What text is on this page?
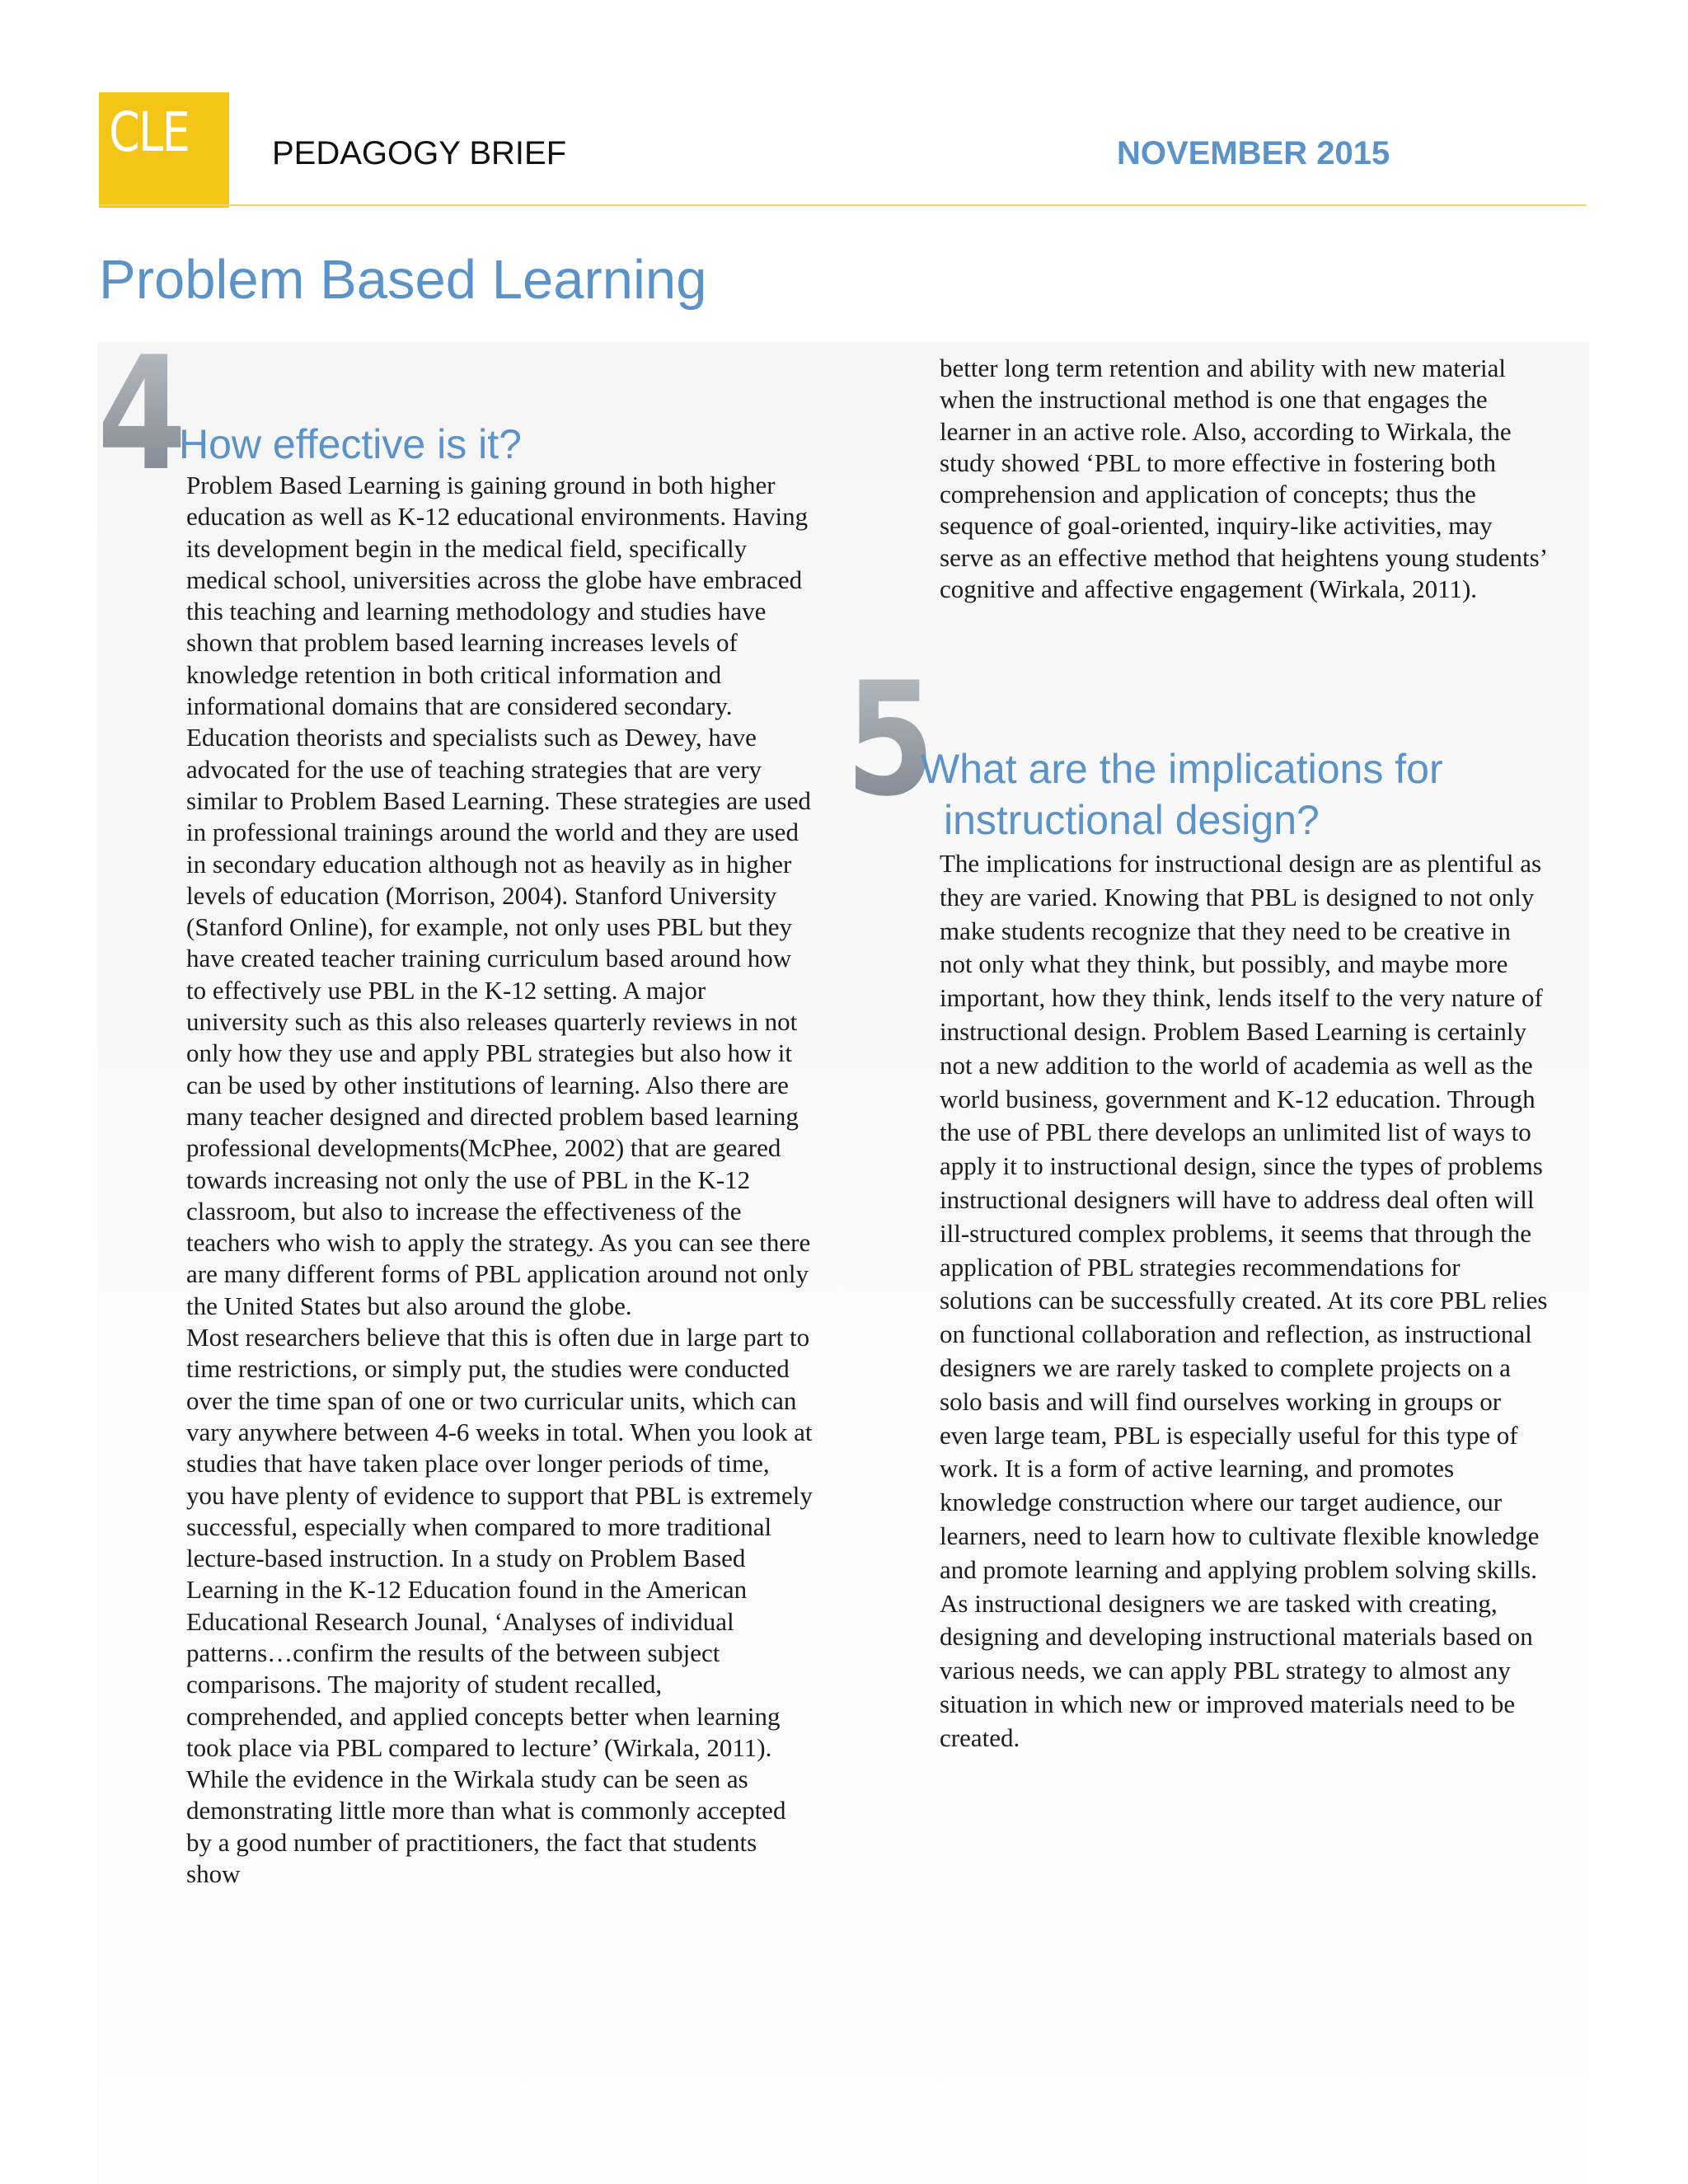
CLE	PEDAGOGY BRIEF	NOVEMBER 2015
Problem Based Learning
4
How effective is it?

Problem Based Learning is gaining ground in both higher education as well as K-12 educational environments. Having its development begin in the medical field, specifically medical school, universities across the globe have embraced this teaching and learning methodology and studies have shown that problem based learning increases levels of knowledge retention in both critical information and informational domains that are considered secondary. Education theorists and specialists such as Dewey, have advocated for the use of teaching strategies that are very similar to Problem Based Learning. These strategies are used in professional trainings around the world and they are used in secondary education although not as heavily as in higher levels of education (Morrison, 2004). Stanford University (Stanford Online), for example, not only uses PBL but they have created teacher training curriculum based around how to effectively use PBL in the K-12 setting. A major university such as this also releases quarterly reviews in not only how they use and apply PBL strategies but also how it can be used by other institutions of learning. Also there are many teacher designed and directed problem based learning professional developments(McPhee, 2002) that are geared towards increasing not only the use of PBL in the K-12 classroom, but also to increase the effectiveness of the teachers who wish to apply the strategy. As you can see there are many different forms of PBL application around not only the United States but also around the globe.

Most researchers believe that this is often due in large part to time restrictions, or simply put, the studies were conducted over the time span of one or two curricular units, which can vary anywhere between 4-6 weeks in total. When you look at studies that have taken place over longer periods of time, you have plenty of evidence to support that PBL is extremely successful, especially when compared to more traditional lecture-based instruction. In a study on Problem Based Learning in the K-12 Education found in the American Educational Research Jounal, ‘Analyses of individual patterns…confirm the results of the between subject comparisons. The majority of student recalled, comprehended, and applied concepts better when learning took place via PBL compared to lecture’ (Wirkala, 2011). While the evidence in the Wirkala study can be seen as demonstrating little more than what is commonly accepted by a good number of practitioners, the fact that students show

better long term retention and ability with new material when the instructional method is one that engages the learner in an active role. Also, according to Wirkala, the study showed ‘PBL to more effective in fostering both comprehension and application of concepts; thus the sequence of goal-oriented, inquiry-like activities, may serve as an effective method that heightens young students’ cognitive and affective engagement (Wirkala, 2011).

5
What are the implications for
instructional design?

The implications for instructional design are as plentiful as they are varied. Knowing that PBL is designed to not only make students recognize that they need to be creative in not only what they think, but possibly, and maybe more important, how they think, lends itself to the very nature of instructional design. Problem Based Learning is certainly not a new addition to the world of academia as well as the world business, government and K-12 education. Through the use of PBL there develops an unlimited list of ways to apply it to instructional design, since the types of problems instructional designers will have to address deal often will ill-structured complex problems, it seems that through the application of PBL strategies recommendations for solutions can be successfully created. At its core PBL relies on functional collaboration and reflection, as instructional designers we are rarely tasked to complete projects on a solo basis and will find ourselves working in groups or even large team, PBL is especially useful for this type of work. It is a form of active learning, and promotes knowledge construction where our target audience, our learners, need to learn how to cultivate flexible knowledge and promote learning and applying problem solving skills. As instructional designers we are tasked with creating, designing and developing instructional materials based on various needs, we can apply PBL strategy to almost any situation in which new or improved materials need to be created.
